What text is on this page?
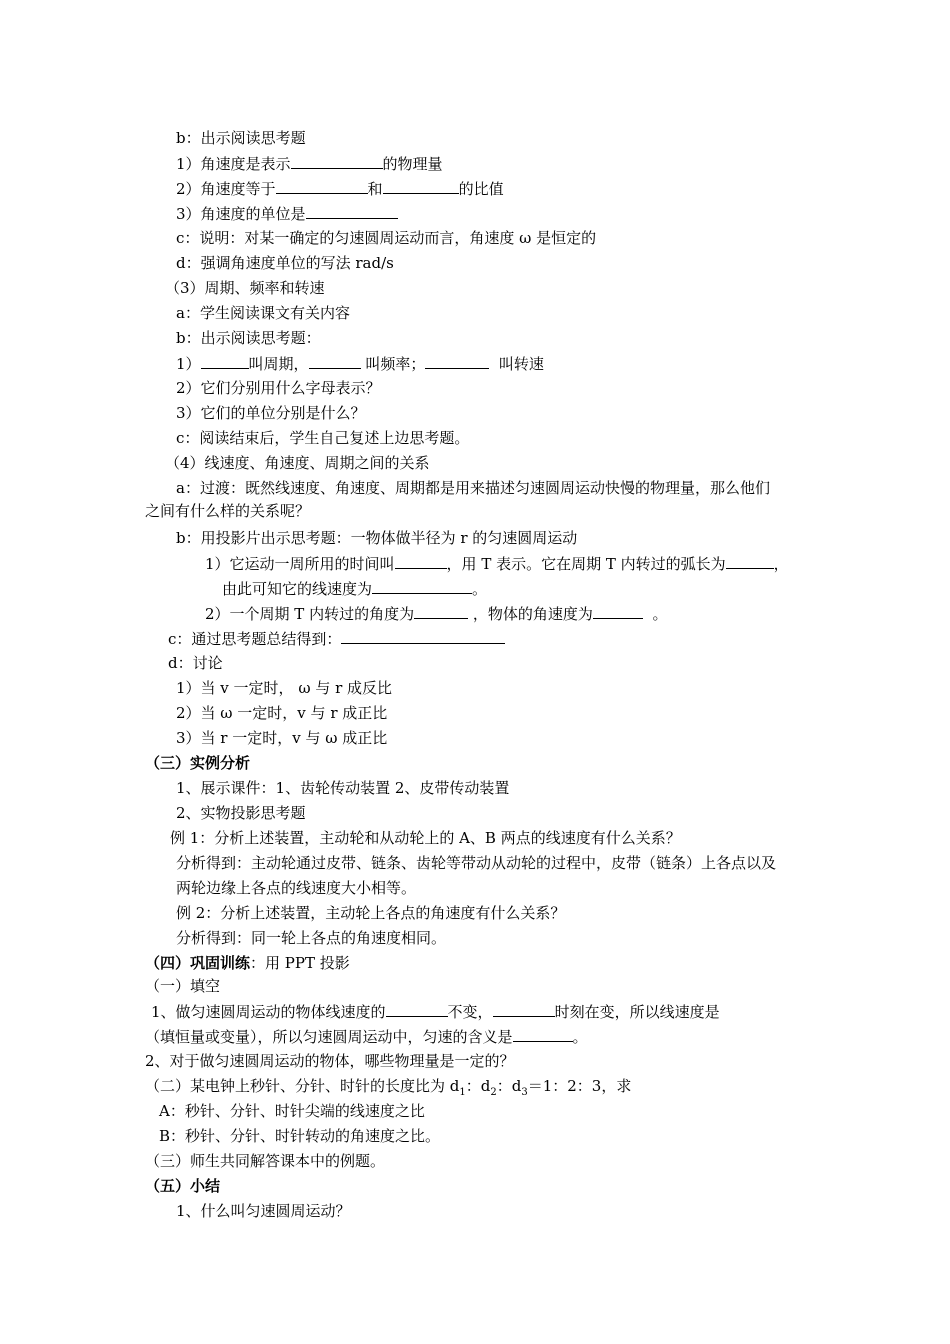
b：出示阅读思考题
1）角速度是表示	的物理量
2）角速度等于	和	的比值
3）角速度的单位是
c：说明：对某一确定的匀速圆周运动而言，角速度 ω 是恒定的
d：强调角速度单位的写法 rad/s
（3）周期、频率和转速
a：学生阅读课文有关内容
b：出示阅读思考题：
1）	叫周期，	叫频率；	叫转速
2）它们分别用什么字母表示？
3）它们的单位分别是什么？
c：阅读结束后，学生自己复述上边思考题。
（4）线速度、角速度、周期之间的关系
a：过渡：既然线速度、角速度、周期都是用来描述匀速圆周运动快慢的物理量，那么他们
之间有什么样的关系呢？
b：用投影片出示思考题：一物体做半径为 r 的匀速圆周运动
1）它运动一周所用的时间叫	，用 T 表示。它在周期 T 内转过的弧长为	，
由此可知它的线速度为	。
2）一个周期 T 内转过的角度为	，物体的角速度为	。
c：通过思考题总结得到：
d：讨论
1）当 v 一定时， ω 与 r 成反比
2）当 ω 一定时，v 与 r 成正比
3）当 r 一定时，v 与 ω 成正比
（三）实例分析
1、展示课件：1、齿轮传动装置 2、皮带传动装置
2、实物投影思考题
例 1：分析上述装置，主动轮和从动轮上的 A、B 两点的线速度有什么关系？
分析得到：主动轮通过皮带、链条、齿轮等带动从动轮的过程中，皮带（链条）上各点以及
两轮边缘上各点的线速度大小相等。
例 2：分析上述装置，主动轮上各点的角速度有什么关系？
分析得到：同一轮上各点的角速度相同。
（四）巩固训练：用 PPT 投影
（一）填空
1、做匀速圆周运动的物体线速度的	不变，	时刻在变，所以线速度是
（填恒量或变量），所以匀速圆周运动中，匀速的含义是	。
2、对于做匀速圆周运动的物体，哪些物理量是一定的？
（二）某电钟上秒针、分针、时针的长度比为 $d_1$：$d_2$：$d_3=1$：2：3，求
A：秒针、分针、时针尖端的线速度之比
B：秒针、分针、时针转动的角速度之比。
（三）师生共同解答课本中的例题。
（五）小结
1、什么叫匀速圆周运动？
